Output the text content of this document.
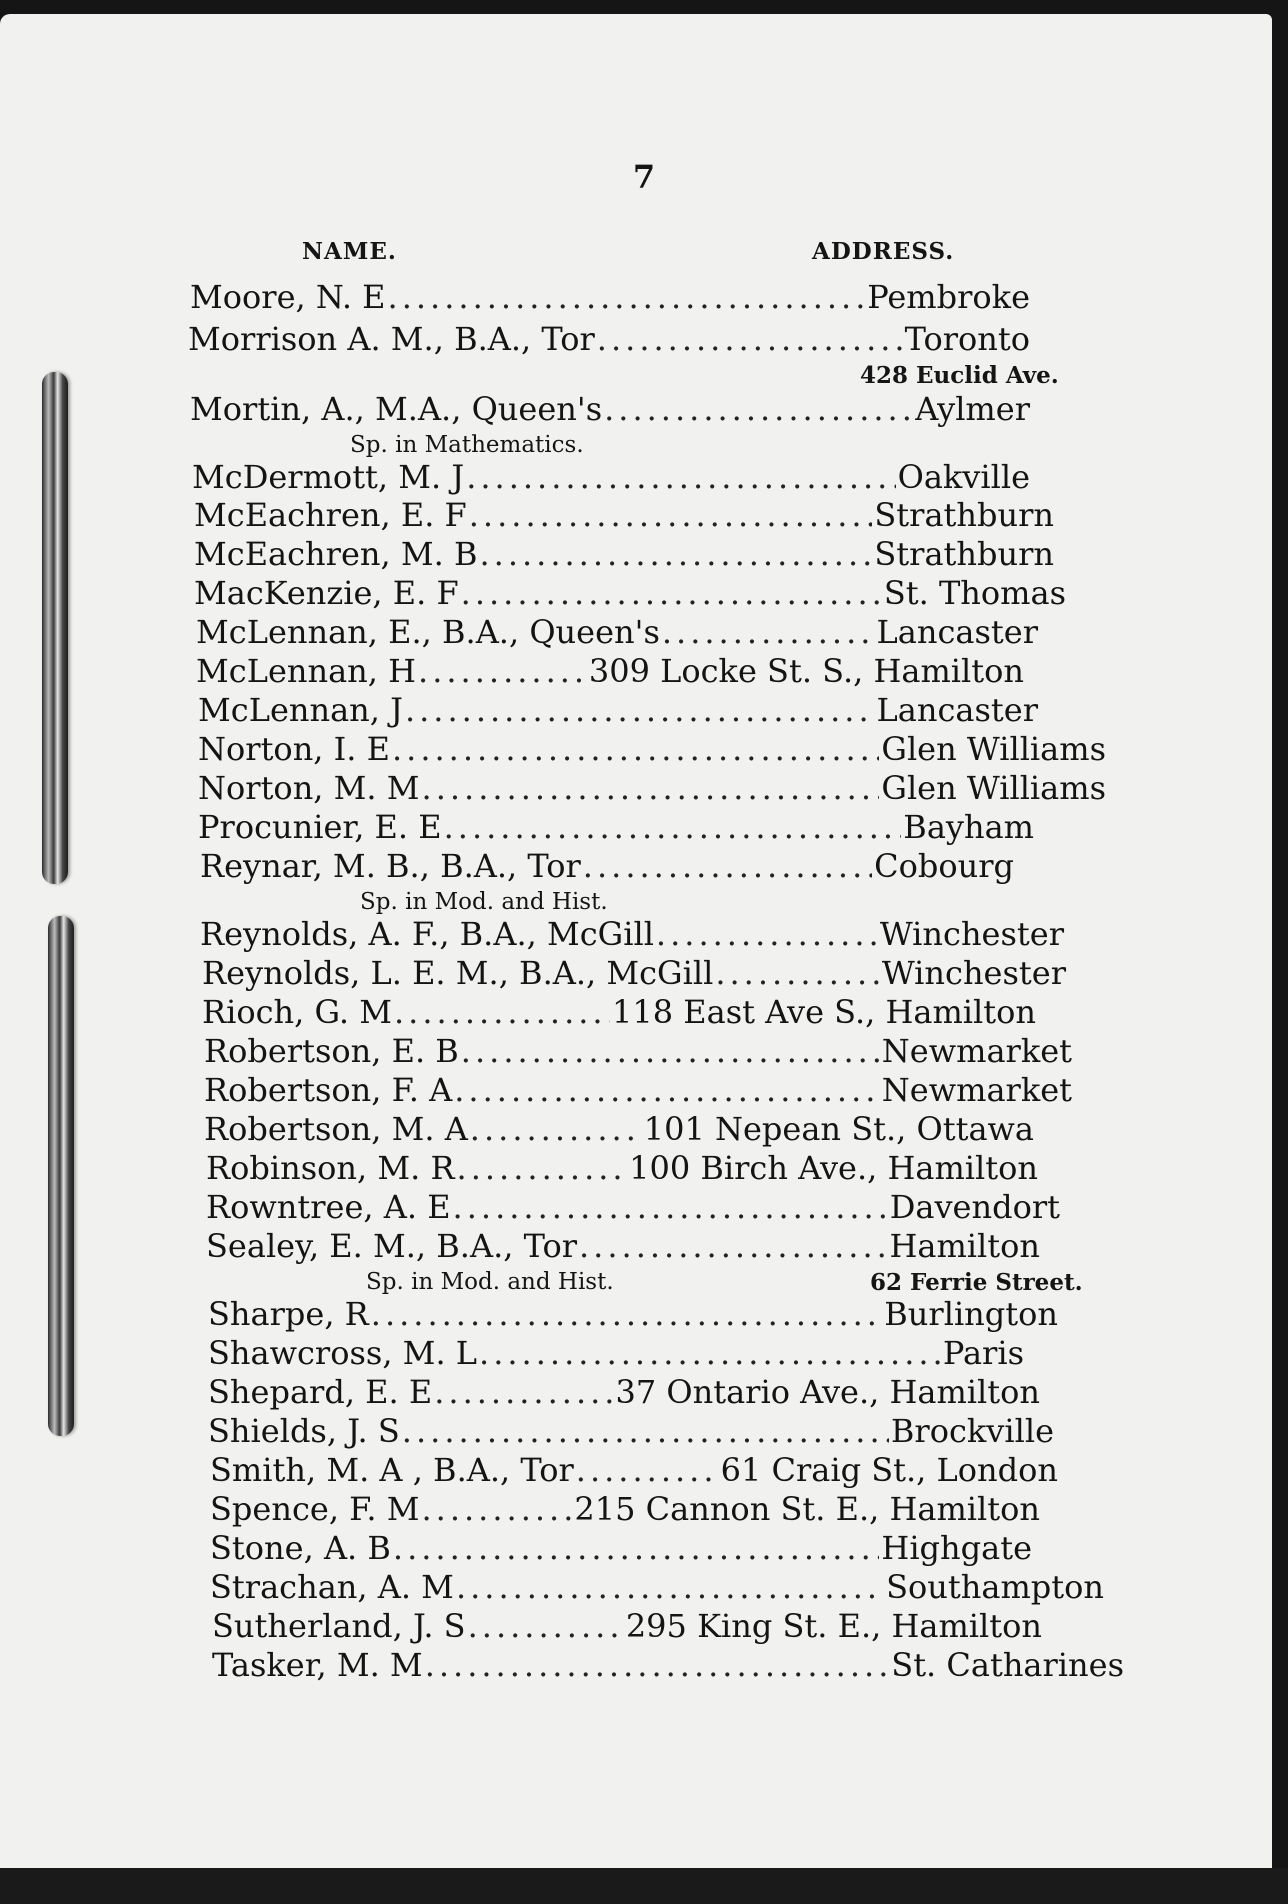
7
NAME.	ADDRESS.
Moore, N. E .....	Pembroke
Morrison A. M., B.A., Tor .....	Toronto
428 Euclid Ave.
Mortin, A., M.A., Queen's .....	Aylmer
Sp. in Mathematics.
McDermott, M. J .....	Oakville
McEachren, E. F .....	Strathburn
McEachren, M. B .....	Strathburn
MacKenzie, E. F .....	St. Thomas
McLennan, E., B.A., Queen's .....	Lancaster
McLennan, H .....	309 Locke St. S., Hamilton
McLennan, J .....	Lancaster
Norton, I. E .....	Glen Williams
Norton, M. M .....	Glen Williams
Procunier, E. E .....	Bayham
Reynar, M. B., B.A., Tor .....	Cobourg
Sp. in Mod. and Hist.
Reynolds, A. F., B.A., McGill .....	Winchester
Reynolds, L. E. M., B.A., McGill .....	Winchester
Rioch, G. M .....	118 East Ave S., Hamilton
Robertson, E. B .....	Newmarket
Robertson, F. A .....	Newmarket
Robertson, M. A .....	101 Nepean St., Ottawa
Robinson, M. R .....	100 Birch Ave., Hamilton
Rowntree, A. E .....	Davendort
Sealey, E. M., B.A., Tor .....	Hamilton
Sp. in Mod. and Hist.	62 Ferrie Street.
Sharpe, R .....	Burlington
Shawcross, M. L .....	Paris
Shepard, E. E .....	37 Ontario Ave., Hamilton
Shields, J. S .....	Brockville
Smith, M. A , B.A., Tor .....	61 Craig St., London
Spence, F. M .....	215 Cannon St. E., Hamilton
Stone, A. B .....	Highgate
Strachan, A. M .....	Southampton
Sutherland, J. S .....	295 King St. E., Hamilton
Tasker, M. M .....	St. Catharines
